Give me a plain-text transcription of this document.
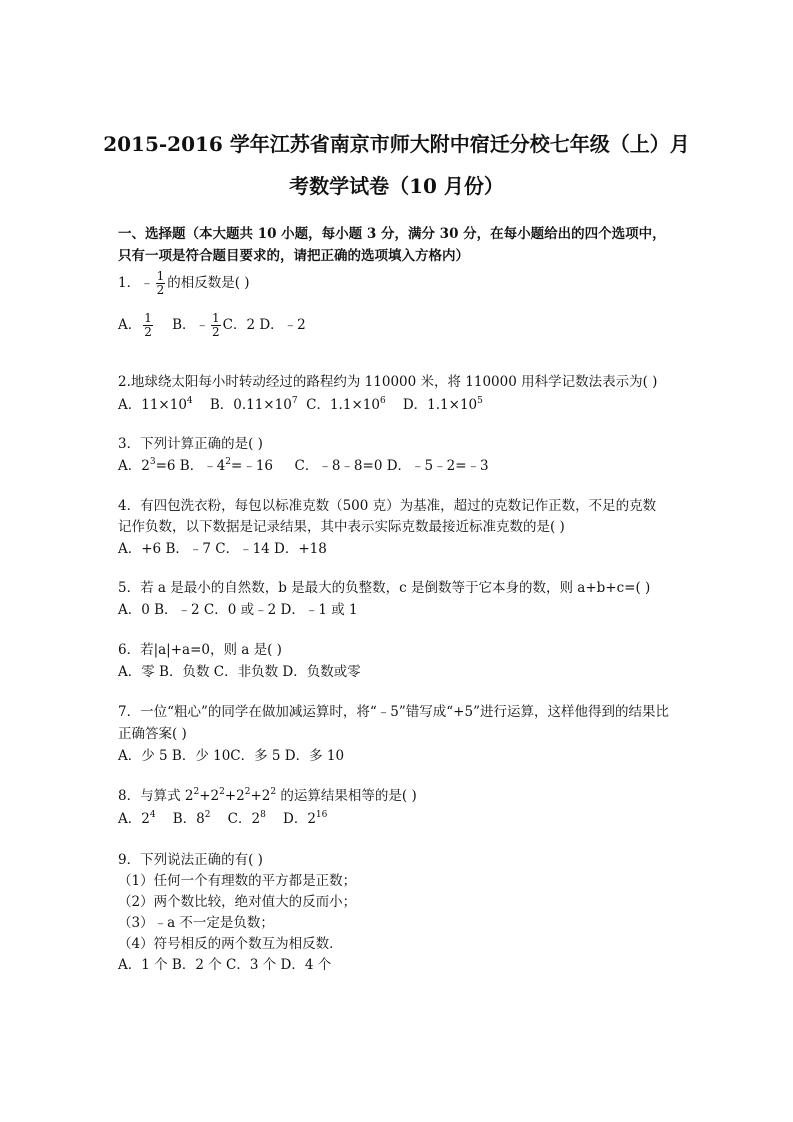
2015-2016 学年江苏省南京市师大附中宿迁分校七年级（上）月
考数学试卷（10 月份）
一、选择题（本大题共 10 小题，每小题 3 分，满分 30 分，在每小题给出的四个选项中，
只有一项是符合题目要求的，请把正确的选项填入方格内）
1．﹣ $\frac{1}{2}$ 的相反数是( )
A． $\frac{1}{2}$ B．﹣ $\frac{1}{2}$ C．2 D．﹣2
2.地球绕太阳每小时转动经过的路程约为 110000 米，将 110000 用科学记数法表示为( )
A．$11\times 10^4$ B．$0.11\times 10^7$ C．$1.1\times 10^6$ D．$1.1\times 10^5$
3．下列计算正确的是( )
A．$2^3=6$ B．$﹣4^2=﹣16$ C．﹣8﹣8=0 D．﹣5﹣2=﹣3
4．有四包洗衣粉，每包以标准克数（500 克）为基准，超过的克数记作正数，不足的克数
记作负数，以下数据是记录结果，其中表示实际克数最接近标准克数的是( )
A．+6 B．﹣7 C．﹣14 D．+18
5．若 a 是最小的自然数，b 是最大的负整数，c 是倒数等于它本身的数，则 a+b+c=( )
A．0 B．﹣2 C．0 或﹣2 D．﹣1 或 1
6．若|a|+a=0，则 a 是( )
A．零 B．负数 C．非负数 D．负数或零
7．一位“粗心”的同学在做加减运算时，将“﹣5”错写成“+5”进行运算，这样他得到的结果比
正确答案( )
A．少 5 B．少 10C．多 5 D．多 10
8．与算式 $2^2+2^2+2^2+2^2$ 的运算结果相等的是( )
A．$2^4$ B．$8^2$ C．$2^8$ D．$2^{16}$
9．下列说法正确的有( )
（1）任何一个有理数的平方都是正数；
（2）两个数比较，绝对值大的反而小；
（3）﹣a 不一定是负数；
（4）符号相反的两个数互为相反数．
A．1 个 B．2 个 C．3 个 D．4 个
